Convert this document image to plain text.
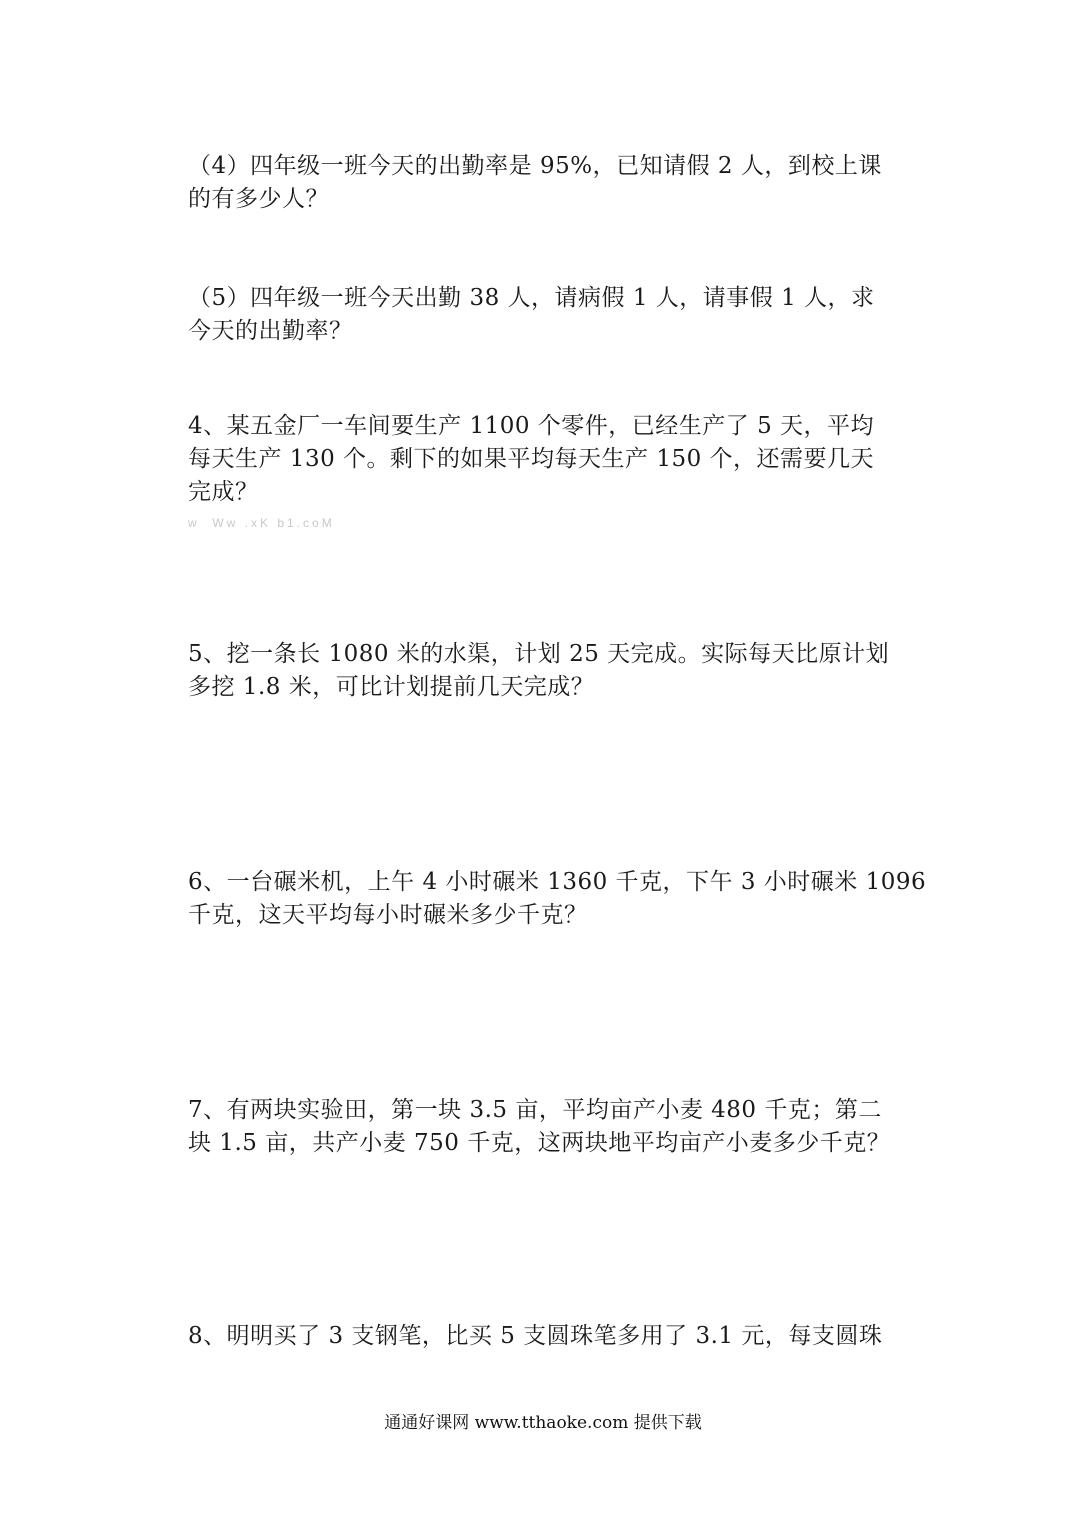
（4）四年级一班今天的出勤率是 95%，已知请假 2 人，到校上课
的有多少人？
（5）四年级一班今天出勤 38 人，请病假 1 人，请事假 1 人，求
今天的出勤率？
4、某五金厂一车间要生产 1100 个零件，已经生产了 5 天，平均
每天生产 130 个。剩下的如果平均每天生产 150 个，还需要几天
完成？
w  Ww .xK b1.coM
5、挖一条长 1080 米的水渠，计划 25 天完成。实际每天比原计划
多挖 1.8 米，可比计划提前几天完成？
6、一台碾米机，上午 4 小时碾米 1360 千克，下午 3 小时碾米 1096
千克，这天平均每小时碾米多少千克？
7、有两块实验田，第一块 3.5 亩，平均亩产小麦 480 千克；第二
块 1.5 亩，共产小麦 750 千克，这两块地平均亩产小麦多少千克？
8、明明买了 3 支钢笔，比买 5 支圆珠笔多用了 3.1 元，每支圆珠
通通好课网 www.tthaoke.com 提供下载
